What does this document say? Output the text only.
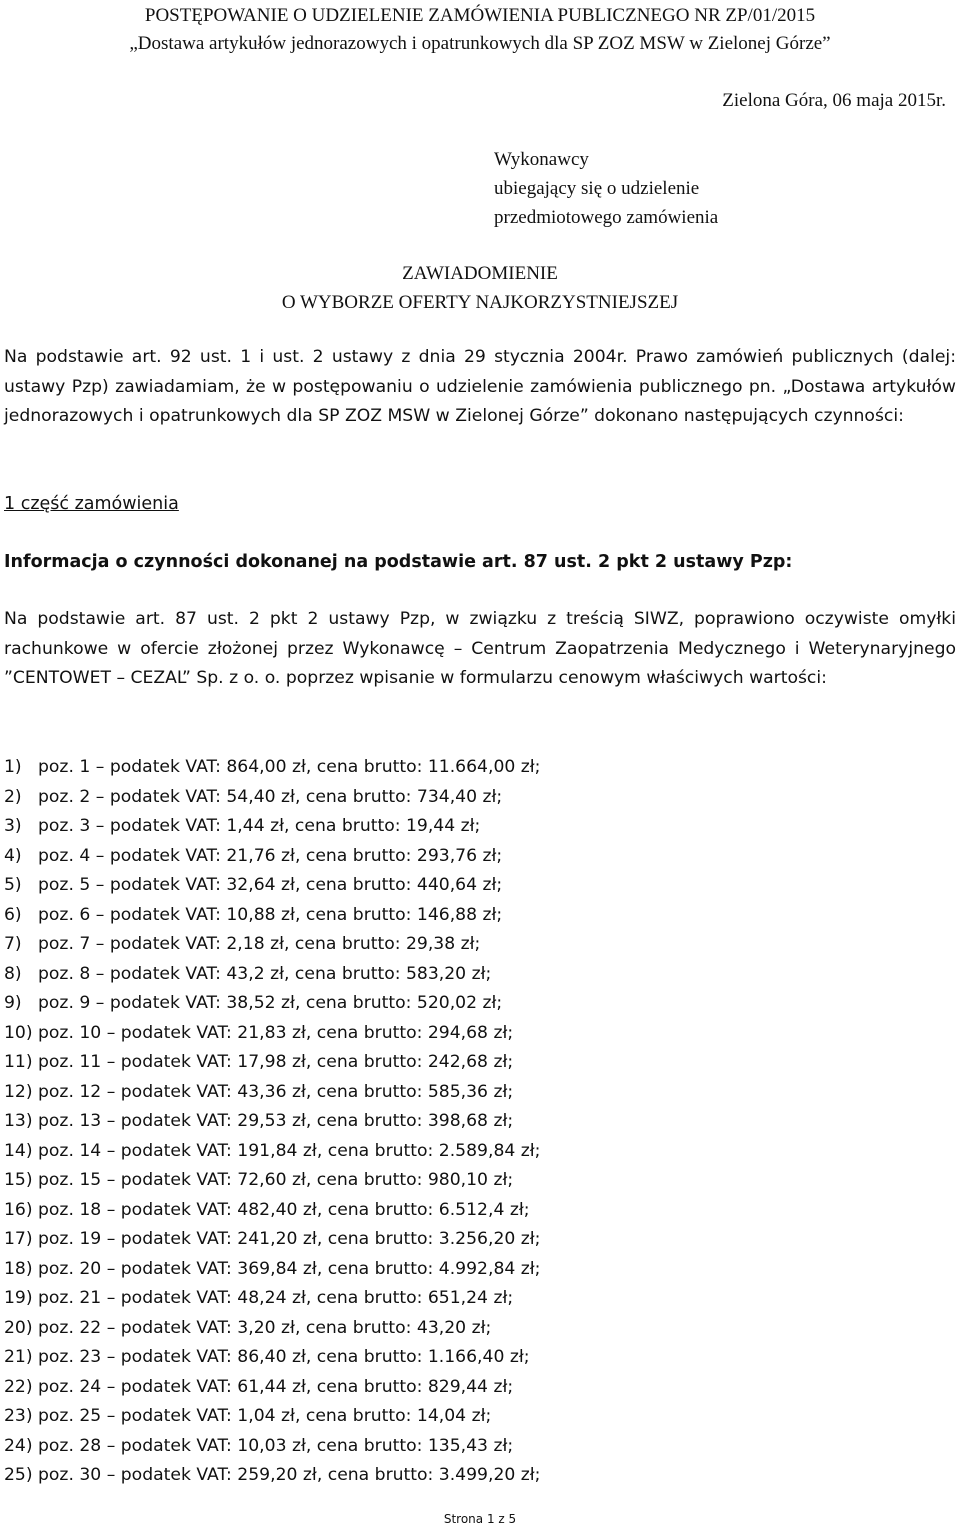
POSTĘPOWANIE O UDZIELENIE ZAMÓWIENIA PUBLICZNEGO NR ZP/01/2015
„Dostawa artykułów jednorazowych i opatrunkowych dla SP ZOZ MSW w Zielonej Górze”
Zielona Góra, 06 maja 2015r.
Wykonawcy
ubiegający się o udzielenie
przedmiotowego zamówienia
ZAWIADOMIENIE
O WYBORZE OFERTY NAJKORZYSTNIEJSZEJ
Na podstawie art. 92 ust. 1 i ust. 2 ustawy z dnia 29 stycznia 2004r. Prawo zamówień publicznych (dalej: ustawy Pzp) zawiadamiam, że w postępowaniu o udzielenie zamówienia publicznego pn. „Dostawa artykułów jednorazowych i opatrunkowych dla SP ZOZ MSW w Zielonej Górze” dokonano następujących czynności:
1 część zamówienia
Informacja o czynności dokonanej na podstawie art. 87 ust. 2 pkt 2 ustawy Pzp:
Na podstawie art. 87 ust. 2 pkt 2 ustawy Pzp, w związku z treścią SIWZ, poprawiono oczywiste omyłki rachunkowe w ofercie złożonej przez Wykonawcę – Centrum Zaopatrzenia Medycznego i Weterynaryjnego ”CENTOWET – CEZAL” Sp. z o. o. poprzez wpisanie w formularzu cenowym właściwych wartości:
1) poz. 1 – podatek VAT: 864,00 zł, cena brutto: 11.664,00 zł;
2) poz. 2 – podatek VAT: 54,40 zł, cena brutto: 734,40 zł;
3) poz. 3 – podatek VAT: 1,44 zł, cena brutto: 19,44 zł;
4) poz. 4 – podatek VAT: 21,76 zł, cena brutto: 293,76 zł;
5) poz. 5 – podatek VAT: 32,64 zł, cena brutto: 440,64 zł;
6) poz. 6 – podatek VAT: 10,88 zł, cena brutto: 146,88 zł;
7) poz. 7 – podatek VAT: 2,18 zł, cena brutto: 29,38 zł;
8) poz. 8 – podatek VAT: 43,2 zł, cena brutto: 583,20 zł;
9) poz. 9 – podatek VAT: 38,52 zł, cena brutto: 520,02 zł;
10) poz. 10 – podatek VAT: 21,83 zł, cena brutto: 294,68 zł;
11) poz. 11 – podatek VAT: 17,98 zł, cena brutto: 242,68 zł;
12) poz. 12 – podatek VAT: 43,36 zł, cena brutto: 585,36 zł;
13) poz. 13 – podatek VAT: 29,53 zł, cena brutto: 398,68 zł;
14) poz. 14 – podatek VAT: 191,84 zł, cena brutto: 2.589,84 zł;
15) poz. 15 – podatek VAT: 72,60 zł, cena brutto: 980,10 zł;
16) poz. 18 – podatek VAT: 482,40 zł, cena brutto: 6.512,4 zł;
17) poz. 19 – podatek VAT: 241,20 zł, cena brutto: 3.256,20 zł;
18) poz. 20 – podatek VAT: 369,84 zł, cena brutto: 4.992,84 zł;
19) poz. 21 – podatek VAT: 48,24 zł, cena brutto: 651,24 zł;
20) poz. 22 – podatek VAT: 3,20 zł, cena brutto: 43,20 zł;
21) poz. 23 – podatek VAT: 86,40 zł, cena brutto: 1.166,40 zł;
22) poz. 24 – podatek VAT: 61,44 zł, cena brutto: 829,44 zł;
23) poz. 25 – podatek VAT: 1,04 zł, cena brutto: 14,04 zł;
24) poz. 28 – podatek VAT: 10,03 zł, cena brutto: 135,43 zł;
25) poz. 30 – podatek VAT: 259,20 zł, cena brutto: 3.499,20 zł;
Strona 1 z 5
